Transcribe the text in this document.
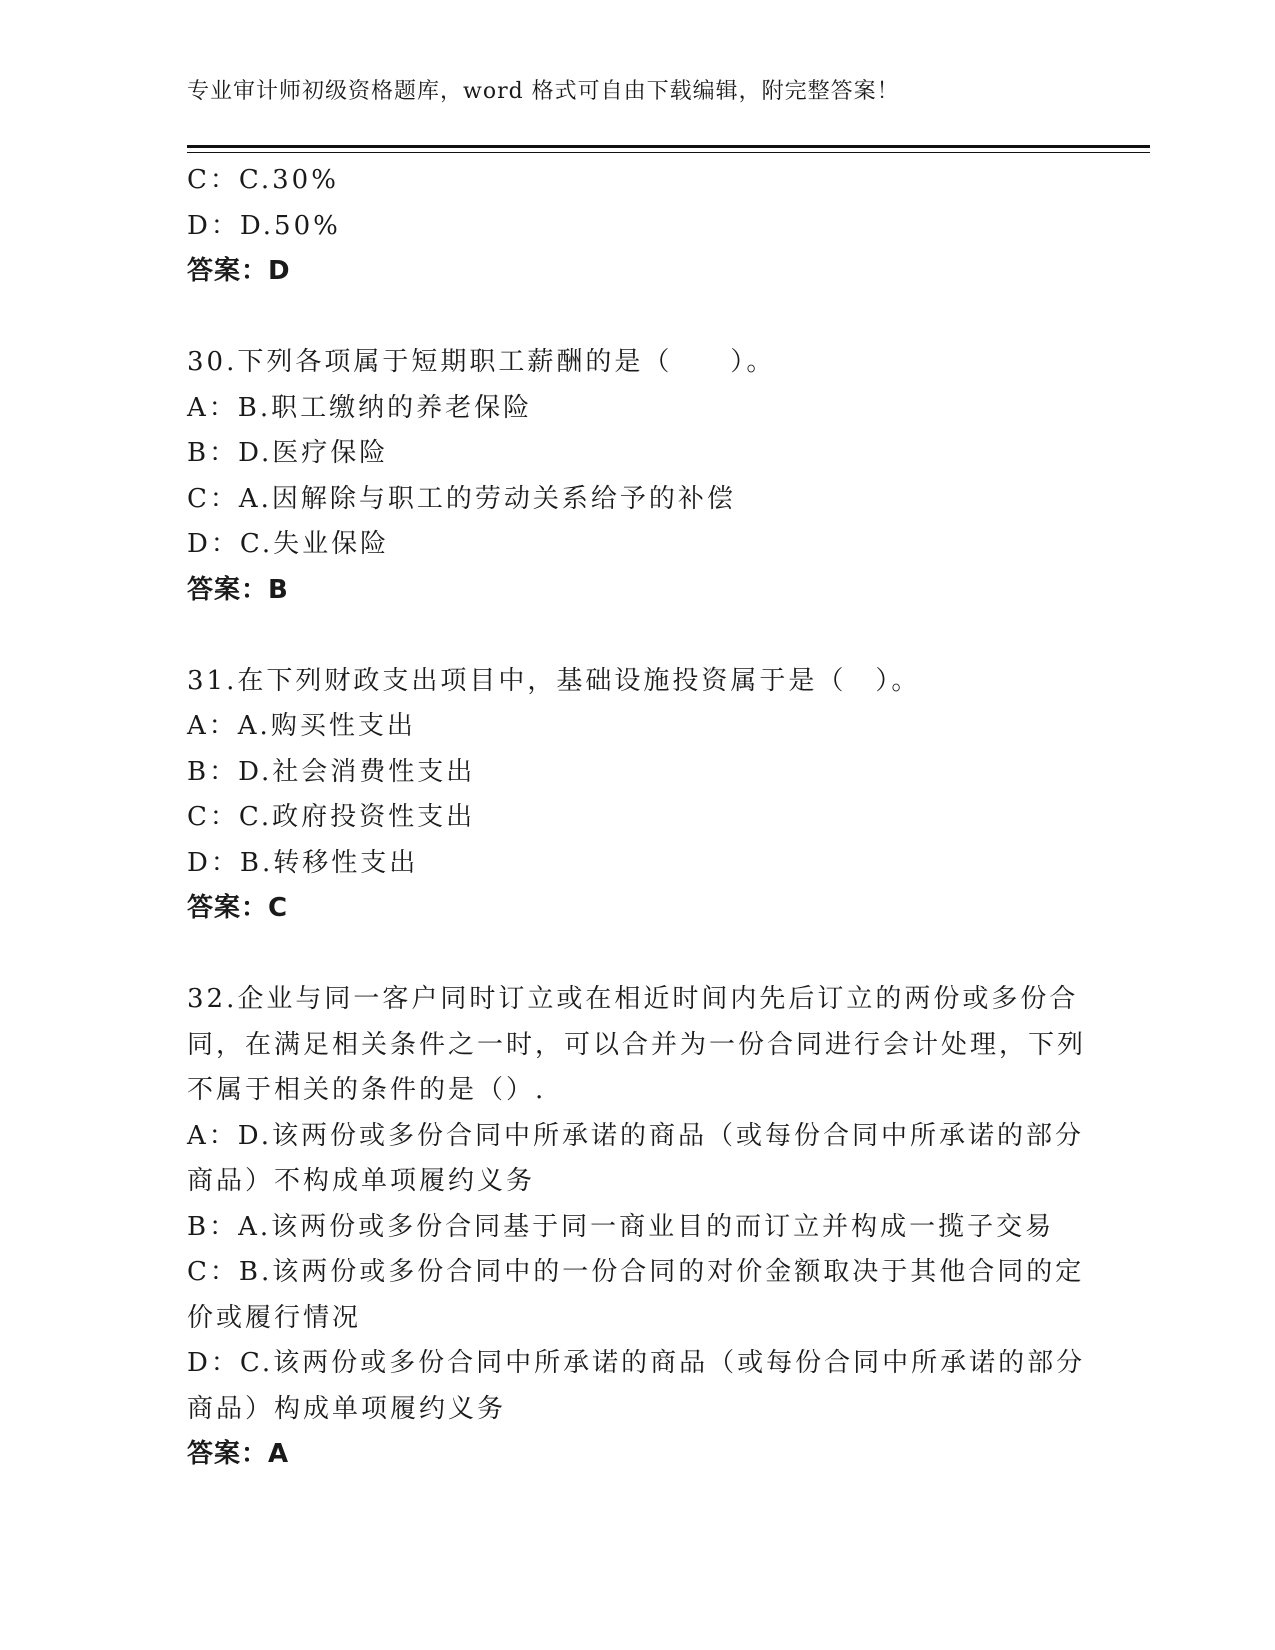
专业审计师初级资格题库，word 格式可自由下载编辑，附完整答案！
C：C.30%
D：D.50%
答案：D
30.下列各项属于短期职工薪酬的是（　　）。
A：B.职工缴纳的养老保险
B：D.医疗保险
C：A.因解除与职工的劳动关系给予的补偿
D：C.失业保险
答案：B
31.在下列财政支出项目中，基础设施投资属于是（　）。
A：A.购买性支出
B：D.社会消费性支出
C：C.政府投资性支出
D：B.转移性支出
答案：C
32.企业与同一客户同时订立或在相近时间内先后订立的两份或多份合同，在满足相关条件之一时，可以合并为一份合同进行会计处理，下列不属于相关的条件的是（）.
A：D.该两份或多份合同中所承诺的商品（或每份合同中所承诺的部分商品）不构成单项履约义务
B：A.该两份或多份合同基于同一商业目的而订立并构成一揽子交易
C：B.该两份或多份合同中的一份合同的对价金额取决于其他合同的定价或履行情况
D：C.该两份或多份合同中所承诺的商品（或每份合同中所承诺的部分商品）构成单项履约义务
答案：A
